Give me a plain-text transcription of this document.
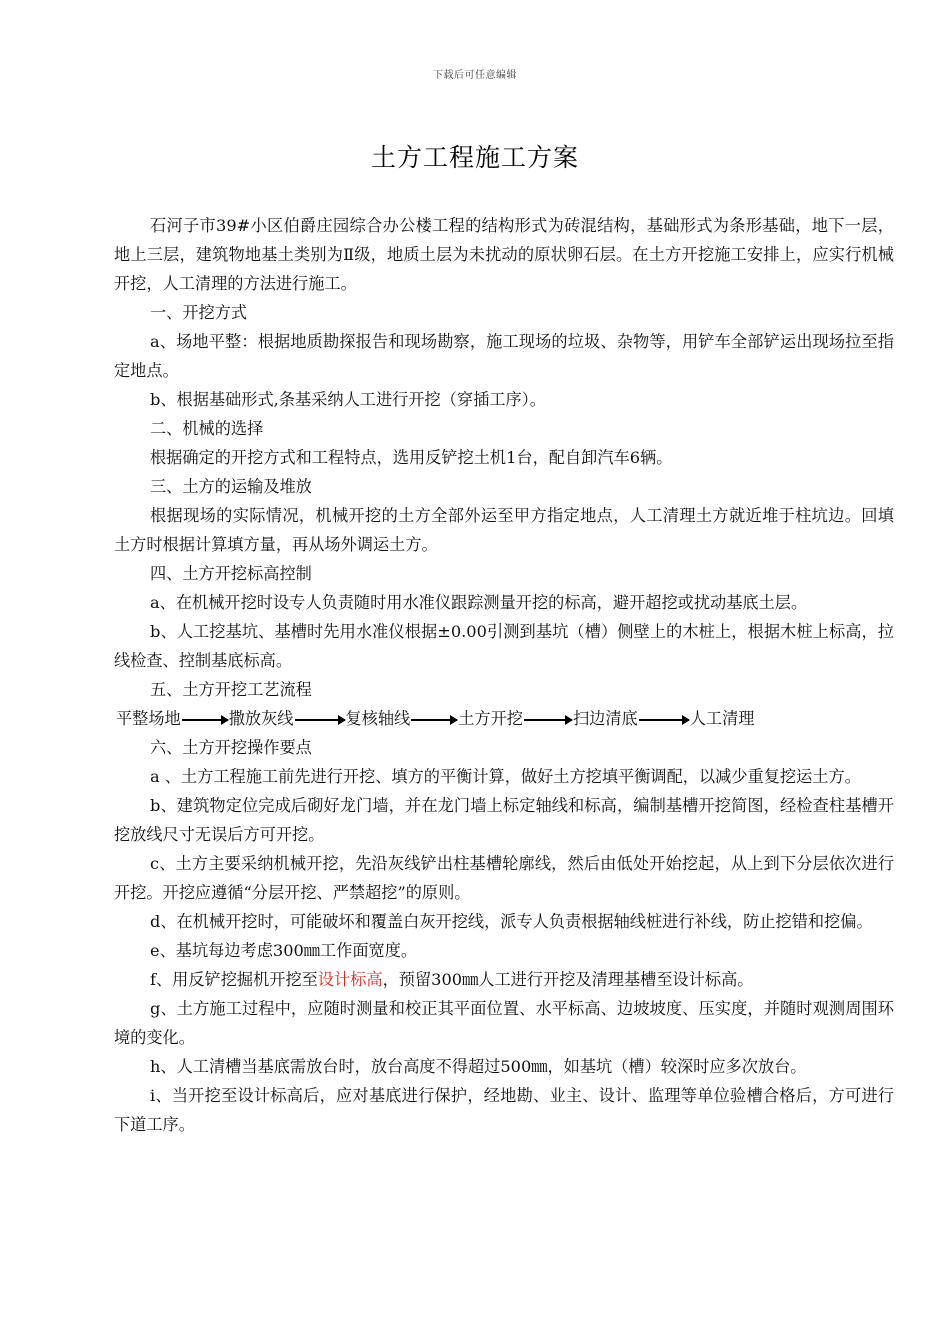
下载后可任意编辑
土方工程施工方案

石河子市39#小区伯爵庄园综合办公楼工程的结构形式为砖混结构，基础形式为条形基础，地下一层，地上三层，建筑物地基土类别为Ⅱ级，地质土层为未扰动的原状卵石层。在土方开挖施工安排上，应实行机械开挖，人工清理的方法进行施工。

一、开挖方式

a、场地平整：根据地质勘探报告和现场勘察，施工现场的垃圾、杂物等，用铲车全部铲运出现场拉至指定地点。

b、根据基础形式,条基采纳人工进行开挖（穿插工序）。

二、机械的选择

根据确定的开挖方式和工程特点，选用反铲挖土机1台，配自卸汽车6辆。

三、土方的运输及堆放

根据现场的实际情况，机械开挖的土方全部外运至甲方指定地点，人工清理土方就近堆于柱坑边。回填土方时根据计算填方量，再从场外调运土方。

四、土方开挖标高控制

a、在机械开挖时设专人负责随时用水准仪跟踪测量开挖的标高，避开超挖或扰动基底土层。

b、人工挖基坑、基槽时先用水准仪根据±0.00引测到基坑（槽）侧壁上的木桩上，根据木桩上标高，拉线检查、控制基底标高。

五、土方开挖工艺流程

平整场地	撒放灰线	复核轴线	土方开挖	扫边清底	人工清理

六、土方开挖操作要点

a 、土方工程施工前先进行开挖、填方的平衡计算，做好土方挖填平衡调配，以减少重复挖运土方。

b、建筑物定位完成后砌好龙门墙，并在龙门墙上标定轴线和标高，编制基槽开挖简图，经检查柱基槽开挖放线尺寸无误后方可开挖。

c、土方主要采纳机械开挖，先沿灰线铲出柱基槽轮廓线，然后由低处开始挖起，从上到下分层依次进行开挖。开挖应遵循“分层开挖、严禁超挖”的原则。

d、在机械开挖时，可能破坏和覆盖白灰开挖线，派专人负责根据轴线桩进行补线，防止挖错和挖偏。

e、基坑每边考虑300㎜工作面宽度。

f、用反铲挖掘机开挖至设计标高，预留300㎜人工进行开挖及清理基槽至设计标高。

g、土方施工过程中，应随时测量和校正其平面位置、水平标高、边坡坡度、压实度，并随时观测周围环境的变化。

h、人工清槽当基底需放台时，放台高度不得超过500㎜，如基坑（槽）较深时应多次放台。

i、当开挖至设计标高后，应对基底进行保护，经地勘、业主、设计、监理等单位验槽合格后，方可进行下道工序。
